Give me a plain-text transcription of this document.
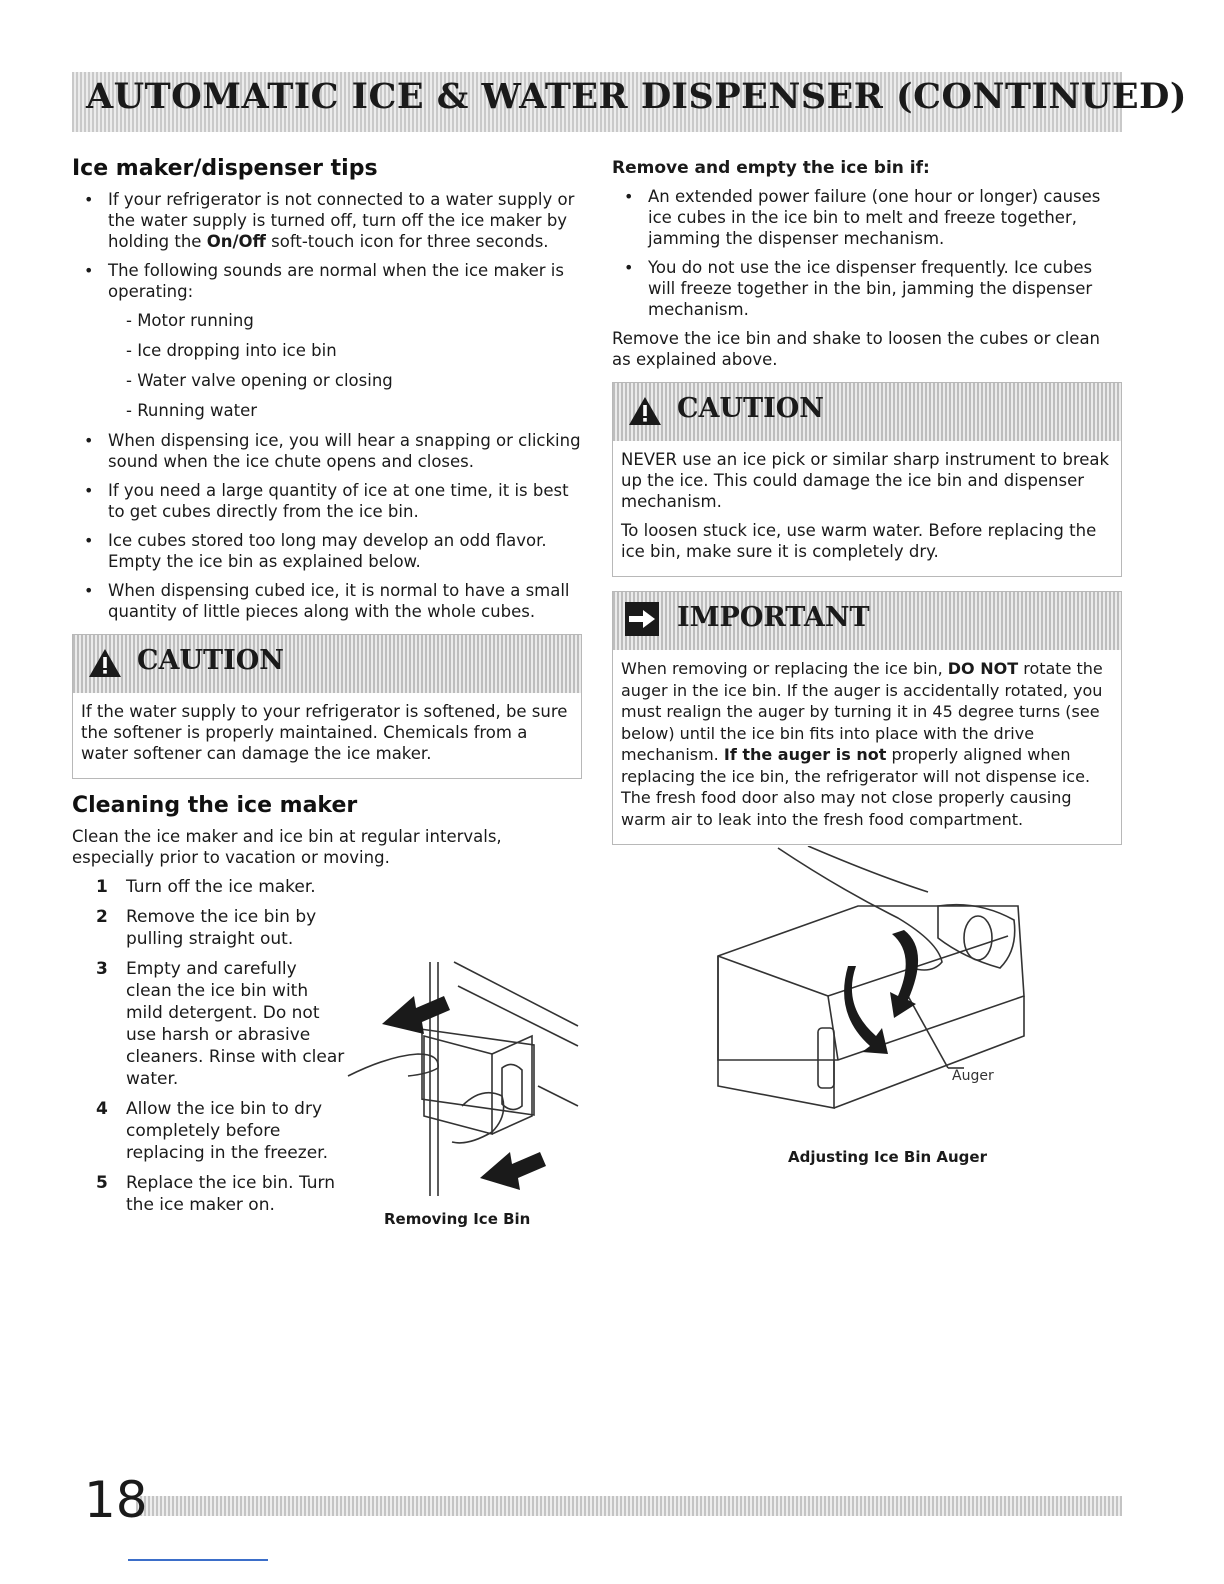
AUTOMATIC ICE & WATER DISPENSER (CONTINUED)
Ice maker/dispenser tips
• If your refrigerator is not connected to a water supply or the water supply is turned off, turn off the ice maker by holding the On/Off soft-touch icon for three seconds.
• The following sounds are normal when the ice maker is operating:
- Motor running
- Ice dropping into ice bin
- Water valve opening or closing
- Running water
• When dispensing ice, you will hear a snapping or clicking sound when the ice chute opens and closes.
• If you need a large quantity of ice at one time, it is best to get cubes directly from the ice bin.
• Ice cubes stored too long may develop an odd flavor. Empty the ice bin as explained below.
• When dispensing cubed ice, it is normal to have a small quantity of little pieces along with the whole cubes.
CAUTION

If the water supply to your refrigerator is softened, be sure the softener is properly maintained. Chemicals from a water softener can damage the ice maker.

Cleaning the ice maker

Clean the ice maker and ice bin at regular intervals, especially prior to vacation or moving.

1 Turn off the ice maker.
2 Remove the ice bin by pulling straight out.
3 Empty and carefully clean the ice bin with mild detergent. Do not use harsh or abrasive cleaners. Rinse with clear water.
4 Allow the ice bin to dry completely before replacing in the freezer.
5 Replace the ice bin. Turn the ice maker on.
Removing Ice Bin
Remove and empty the ice bin if:
• An extended power failure (one hour or longer) causes ice cubes in the ice bin to melt and freeze together, jamming the dispenser mechanism.
• You do not use the ice dispenser frequently. Ice cubes will freeze together in the bin, jamming the dispenser mechanism.

Remove the ice bin and shake to loosen the cubes or clean as explained above.

CAUTION

NEVER use an ice pick or similar sharp instrument to break up the ice. This could damage the ice bin and dispenser mechanism.

To loosen stuck ice, use warm water. Before replacing the ice bin, make sure it is completely dry.

IMPORTANT

When removing or replacing the ice bin, DO NOT rotate the auger in the ice bin. If the auger is accidentally rotated, you must realign the auger by turning it in 45 degree turns (see below) until the ice bin fits into place with the drive mechanism. If the auger is not properly aligned when replacing the ice bin, the refrigerator will not dispense ice. The fresh food door also may not close properly causing warm air to leak into the fresh food compartment.

Auger
Adjusting Ice Bin Auger
18
